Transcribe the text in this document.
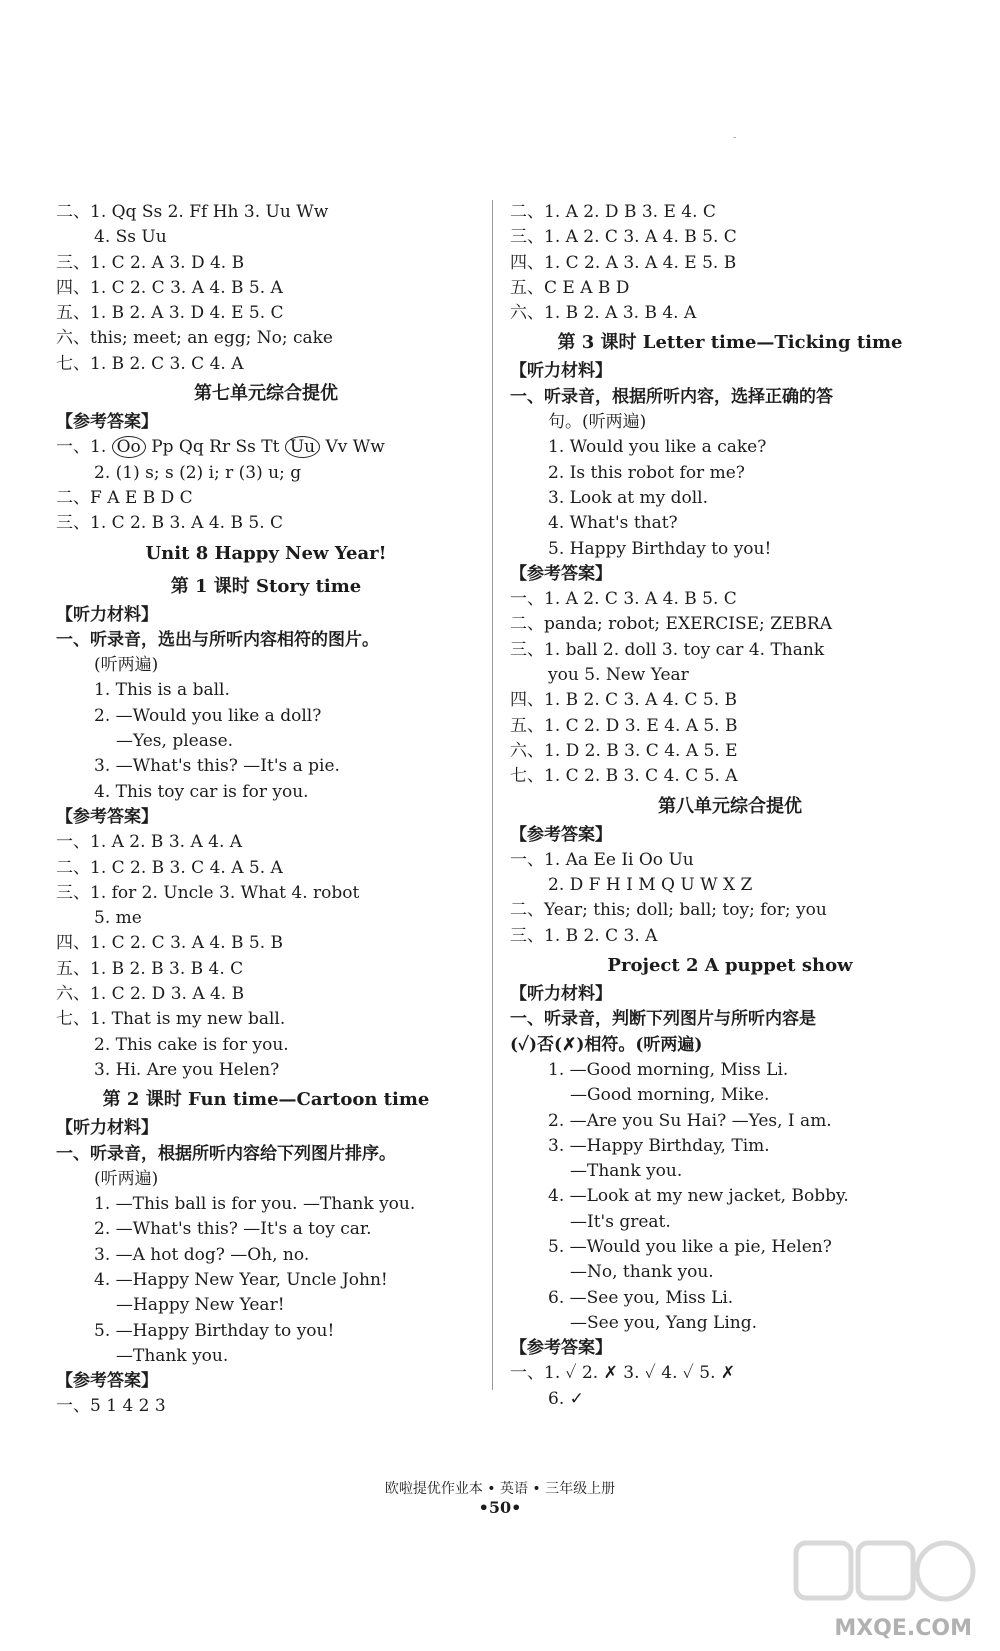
二、1. Qq Ss 2. Ff Hh 3. Uu Ww
4. Ss Uu
三、1. C 2. A 3. D 4. B
四、1. C 2. C 3. A 4. B 5. A
五、1. B 2. A 3. D 4. E 5. C
六、this; meet; an egg; No; cake
七、1. B 2. C 3. C 4. A
第七单元综合提优
【参考答案】
一、1. Oo Pp Qq Rr Ss Tt Uu Vv Ww
2. (1) s; s (2) i; r (3) u; g
二、F A E B D C
三、1. C 2. B 3. A 4. B 5. C
Unit 8 Happy New Year!
第 1 课时 Story time
【听力材料】
一、听录音，选出与所听内容相符的图片。
(听两遍)
1. This is a ball.
2. —Would you like a doll?
—Yes, please.
3. —What's this? —It's a pie.
4. This toy car is for you.
【参考答案】
一、1. A 2. B 3. A 4. A
二、1. C 2. B 3. C 4. A 5. A
三、1. for 2. Uncle 3. What 4. robot
5. me
四、1. C 2. C 3. A 4. B 5. B
五、1. B 2. B 3. B 4. C
六、1. C 2. D 3. A 4. B
七、1. That is my new ball.
2. This cake is for you.
3. Hi. Are you Helen?
第 2 课时 Fun time—Cartoon time
【听力材料】
一、听录音，根据所听内容给下列图片排序。
(听两遍)
1. —This ball is for you. —Thank you.
2. —What's this? —It's a toy car.
3. —A hot dog? —Oh, no.
4. —Happy New Year, Uncle John!
—Happy New Year!
5. —Happy Birthday to you!
—Thank you.
【参考答案】
一、5 1 4 2 3
二、1. A 2. D B 3. E 4. C
三、1. A 2. C 3. A 4. B 5. C
四、1. C 2. A 3. A 4. E 5. B
五、C E A B D
六、1. B 2. A 3. B 4. A
第 3 课时 Letter time—Ticking time
【听力材料】
一、听录音，根据所听内容，选择正确的答
句。(听两遍)
1. Would you like a cake?
2. Is this robot for me?
3. Look at my doll.
4. What's that?
5. Happy Birthday to you!
【参考答案】
一、1. A 2. C 3. A 4. B 5. C
二、panda; robot; EXERCISE; ZEBRA
三、1. ball 2. doll 3. toy car 4. Thank
you 5. New Year
四、1. B 2. C 3. A 4. C 5. B
五、1. C 2. D 3. E 4. A 5. B
六、1. D 2. B 3. C 4. A 5. E
七、1. C 2. B 3. C 4. C 5. A
第八单元综合提优
【参考答案】
一、1. Aa Ee Ii Oo Uu
2. D F H I M Q U W X Z
二、Year; this; doll; ball; toy; for; you
三、1. B 2. C 3. A
Project 2 A puppet show
【听力材料】
一、听录音，判断下列图片与所听内容是
(✓)否(✗)相符。(听两遍)
1. —Good morning, Miss Li.
—Good morning, Mike.
2. —Are you Su Hai? —Yes, I am.
3. —Happy Birthday, Tim.
—Thank you.
4. —Look at my new jacket, Bobby.
—It's great.
5. —Would you like a pie, Helen?
—No, thank you.
6. —See you, Miss Li.
—See you, Yang Ling.
【参考答案】
一、1. ✓ 2. ✗ 3. ✓ 4. ✓ 5. ✗
6. ✓
欧啦提优作业本 • 英语 • 三年级上册
•50•
MXQE.COM
